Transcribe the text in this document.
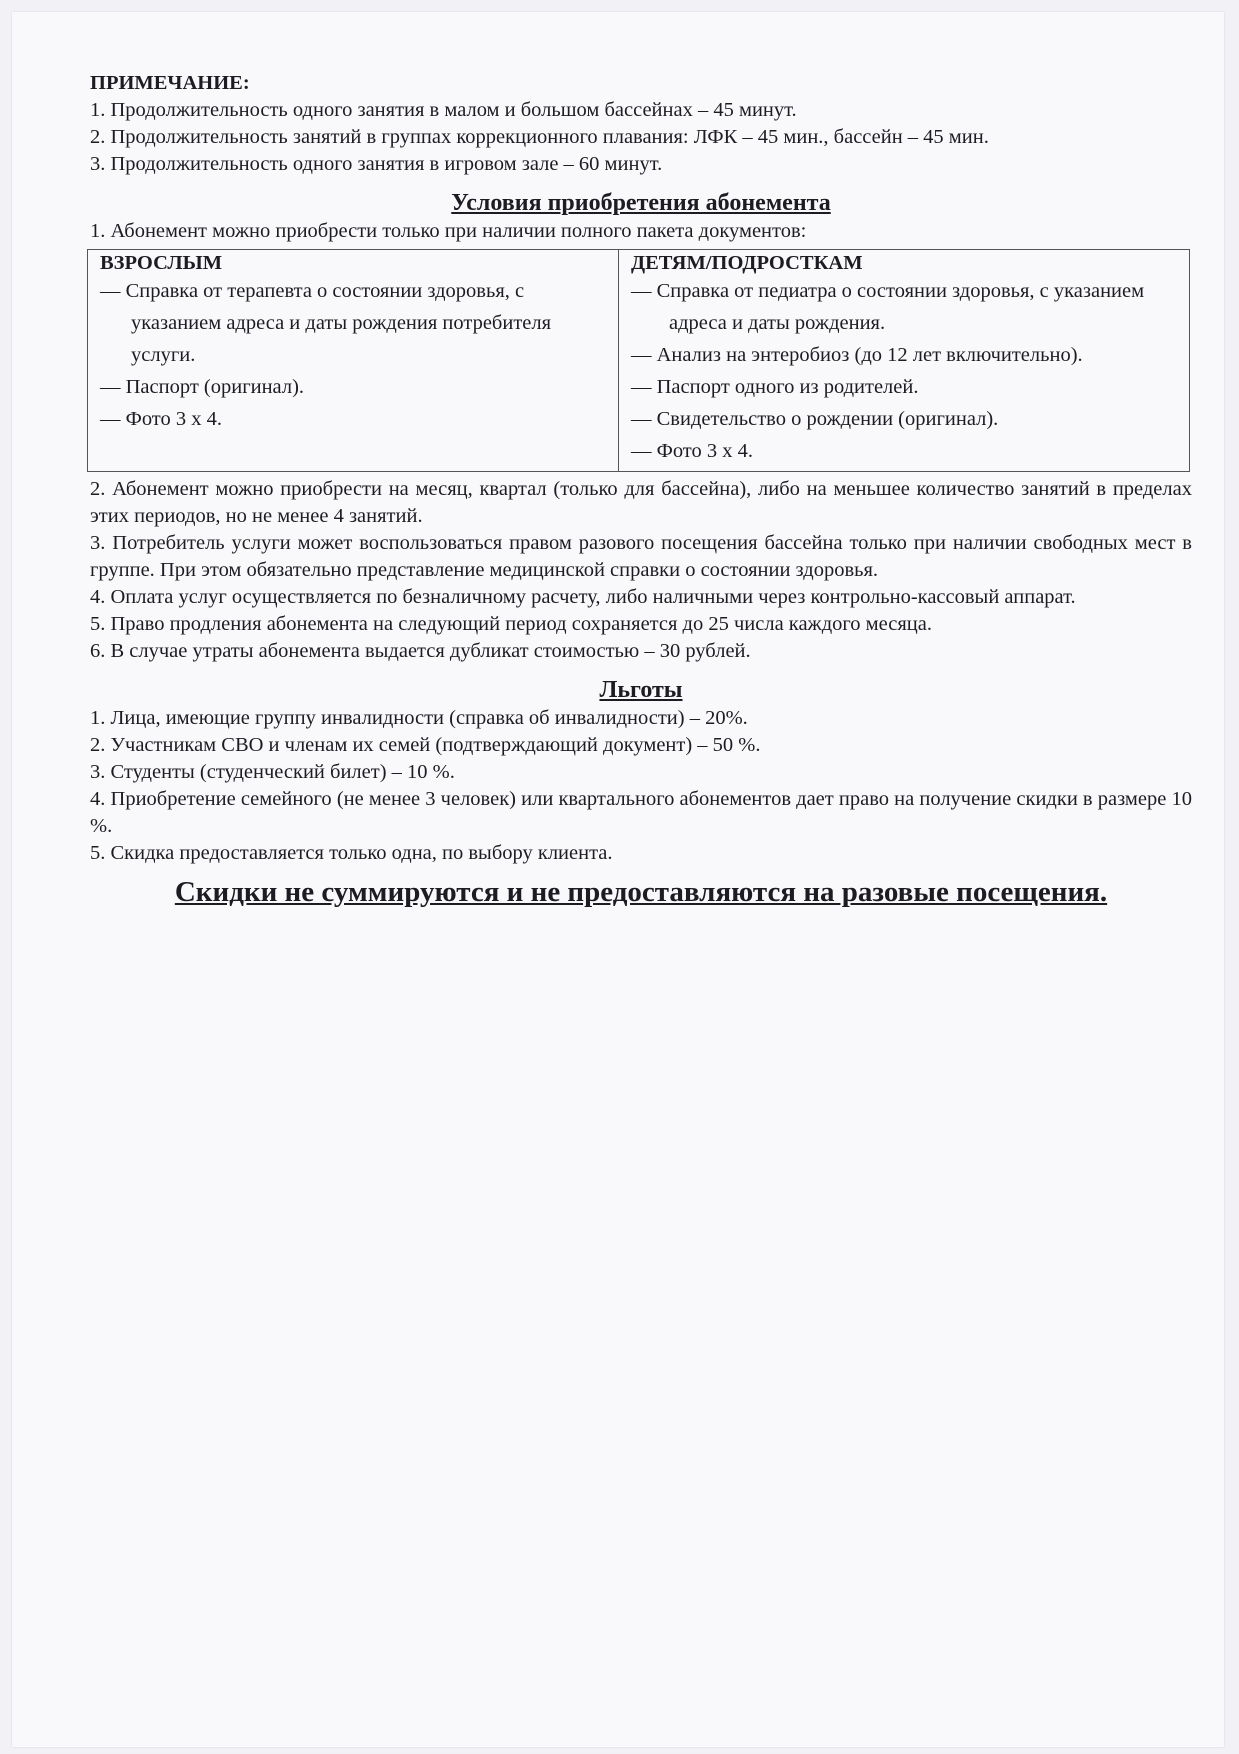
ПРИМЕЧАНИЕ:

1. Продолжительность одного занятия в малом и большом бассейнах – 45 минут.

2. Продолжительность занятий в группах коррекционного плавания: ЛФК – 45 мин., бассейн – 45 мин.

3. Продолжительность одного занятия в игровом зале – 60 минут.

Условия приобретения абонемента

1. Абонемент можно приобрести только при наличии полного пакета документов:

ВЗРОСЛЫМ
— Справка от терапевта о состоянии здоровья, с указанием адреса и даты рождения потребителя услуги.
— Паспорт (оригинал).
— Фото 3 х 4.

ДЕТЯМ/ПОДРОСТКАМ
— Справка от педиатра о состоянии здоровья, с указанием адреса и даты рождения.
— Анализ на энтеробиоз (до 12 лет включительно).
— Паспорт одного из родителей.
— Свидетельство о рождении (оригинал).
— Фото 3 х 4.

2. Абонемент можно приобрести на месяц, квартал (только для бассейна), либо на меньшее количество занятий в пределах этих периодов, но не менее 4 занятий.

3. Потребитель услуги может воспользоваться правом разового посещения бассейна только при наличии свободных мест в группе. При этом обязательно представление медицинской справки о состоянии здоровья.

4. Оплата услуг осуществляется по безналичному расчету, либо наличными через контрольно-кассовый аппарат.

5. Право продления абонемента на следующий период сохраняется до 25 числа каждого месяца.

6. В случае утраты абонемента выдается дубликат стоимостью – 30 рублей.

Льготы

1. Лица, имеющие группу инвалидности (справка об инвалидности) – 20%.

2. Участникам СВО и членам их семей (подтверждающий документ) – 50 %.

3. Студенты (студенческий билет) – 10 %.

4. Приобретение семейного (не менее 3 человек) или квартального абонементов дает право на получение скидки в размере 10 %.

5. Скидка предоставляется только одна, по выбору клиента.

Скидки не суммируются и не предоставляются на разовые посещения.
